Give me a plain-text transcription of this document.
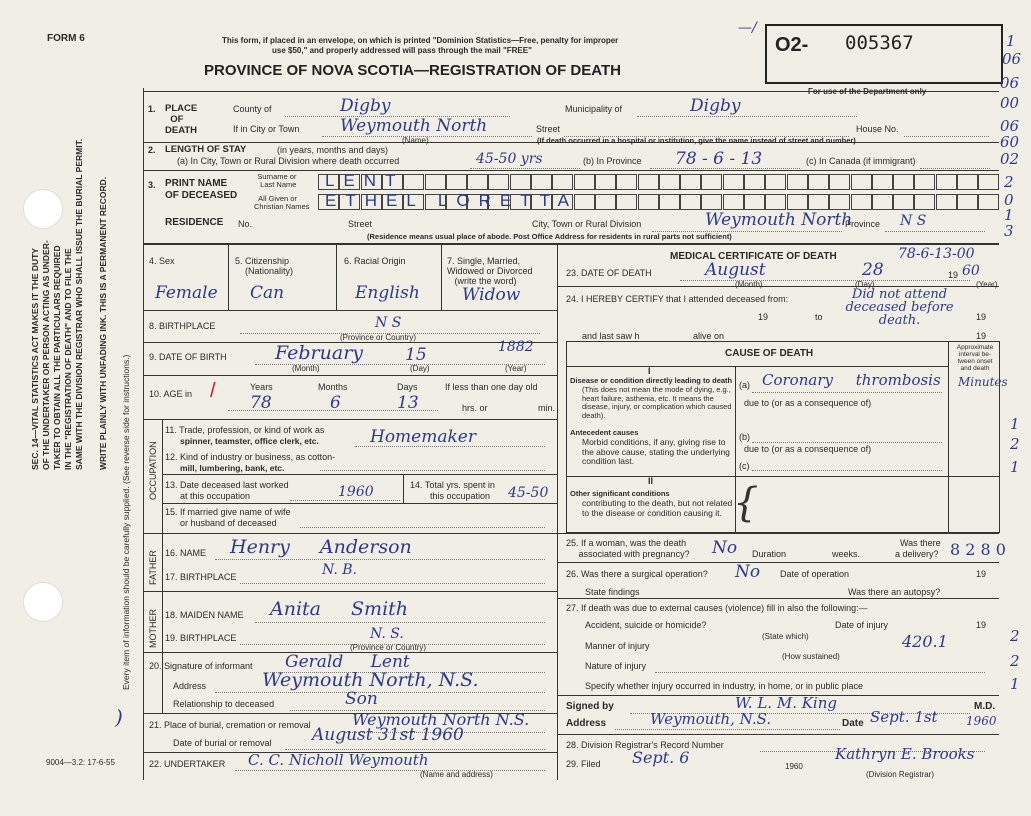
FORM 6	This form, if placed in an envelope, on which is printed "Dominion Statistics—Free, penalty for improper
use $50," and properly addressed will pass through the mail "FREE"
PROVINCE OF NOVA SCOTIA—REGISTRATION OF DEATH
O2- 005367
For use of the Department only
—/
1
06
06
00
06
60
02
2
0
1
3
1
2
1
2
2
1
SEC. 14—VITAL STATISTICS ACT MAKES IT THE DUTY OF THE UNDERTAKER OR PERSON ACTING AS UNDER- TAKER TO OBTAIN ALL THE PARTICULARS REQUIRED IN THE "REGISTRATION OF DEATH" AND TO FILE THE SAME WITH THE DIVISION REGISTRAR WHO SHALL ISSUE THE BURIAL PERMIT. WRITE PLAINLY WITH UNFADING INK. THIS IS A PERMANENT RECORD.
Every item of information should be carefully supplied. (See reverse side for instructions.)
9004—3.2: 17-6-55
)
1. PLACE
OF
DEATH
County of	Digby	Municipality of	Digby
If in City or Town Weymouth North
(Name)
Street
(If death occurred in a hospital or institution, give the name instead of street and number)
House No.
2. LENGTH OF STAY	(in years, months and days)
(a) In City, Town or Rural Division where death occurred	45-50 yrs	(b) In Province 78 - 6 - 13	(c) In Canada (if immigrant)
3. PRINT NAME
OF DECEASED
Surname or
Last Name
All Given or
Christian Names
LENT
ETHEL LORETTA
RESIDENCE No.	Street	City, Town or Rural Division	Weymouth North
Province N S
(Residence means usual place of abode. Post Office Address for residents in rural parts not sufficient)
4. Sex
Female
5. Citizenship
(Nationality)
Can
6. Racial Origin
English
7. Single, Married,
Widowed or Divorced
(write the word)
Widow
8. BIRTHPLACE	N S
(Province or Country)
9. DATE OF BIRTH	February 15	1882
(Month)	(Day)	(Year)
10. AGE in /	Years
78
Months
6
Days
13
If less than one day old
hrs. or	min.
OCCUPATION
11. Trade, profession, or kind of work as
spinner, teamster, office clerk, etc.	Homemaker
12. Kind of industry or business, as cotton-
mill, lumbering, bank, etc.
13. Date deceased last worked
at this occupation	1960	14. Total yrs. spent in
this occupation 45-50
15. If married give name of wife
or husband of deceased
FATHER 16. NAME Henry Anderson
17. BIRTHPLACE	N. B.
MOTHER 18. MAIDEN NAME Anita Smith
19. BIRTHPLACE	N. S.
(Province or Country)
20. Signature of informant Gerald Lent
Address	Weymouth North, N.S.
Relationship to deceased	Son
21. Place of burial, cremation or removal	Weymouth North N.S.
Date of burial or removal August 31st 1960
22. UNDERTAKER C. C. Nicholl Weymouth
(Name and address)
MEDICAL CERTIFICATE OF DEATH	78-6-13-00
23. DATE OF DEATH	August	28	19 60
(Month)	(Day)	(Year)
24. I HEREBY CERTIFY that I attended deceased from:
19	to	19
Did not attend deceased before death.
and last saw h	alive on	19
CAUSE OF DEATH
Approximate interval be- tween onset and death
I
Disease or condition directly leading to death
(This does not mean the mode of dying, e.g., heart failure, asthenia, etc. It means the disease, injury, or complication which caused death).
(a) Coronary thrombosis Minutes
due to (or as a consequence of)
Antecedent causes
Morbid conditions, if any, giving rise to the above cause, stating the underlying condition last.
(b)
due to (or as a consequence of)
(c)
II
Other significant conditions
contributing to the death, but not related to the disease or condition causing it. {
25. If a woman, was the death
associated with pregnancy? No Duration	weeks.
Was there
a delivery? 8 2 8 0
26. Was there a surgical operation? No Date of operation	19
State findings	Was there an autopsy?
27. If death was due to external causes (violence) fill in also the following:—
Accident, suicide or homicide?	Date of injury	19
(State which)
Manner of injury	420.1
(How sustained)
Nature of injury
Specify whether injury occurred in industry, in home, or in public place
Signed by	W. L. M. King	M.D.
Address	Weymouth, N.S.	Date Sept. 1st 1960
28. Division Registrar's Record Number
29. Filed Sept. 6	1960
Kathryn E. Brooks
(Division Registrar)
